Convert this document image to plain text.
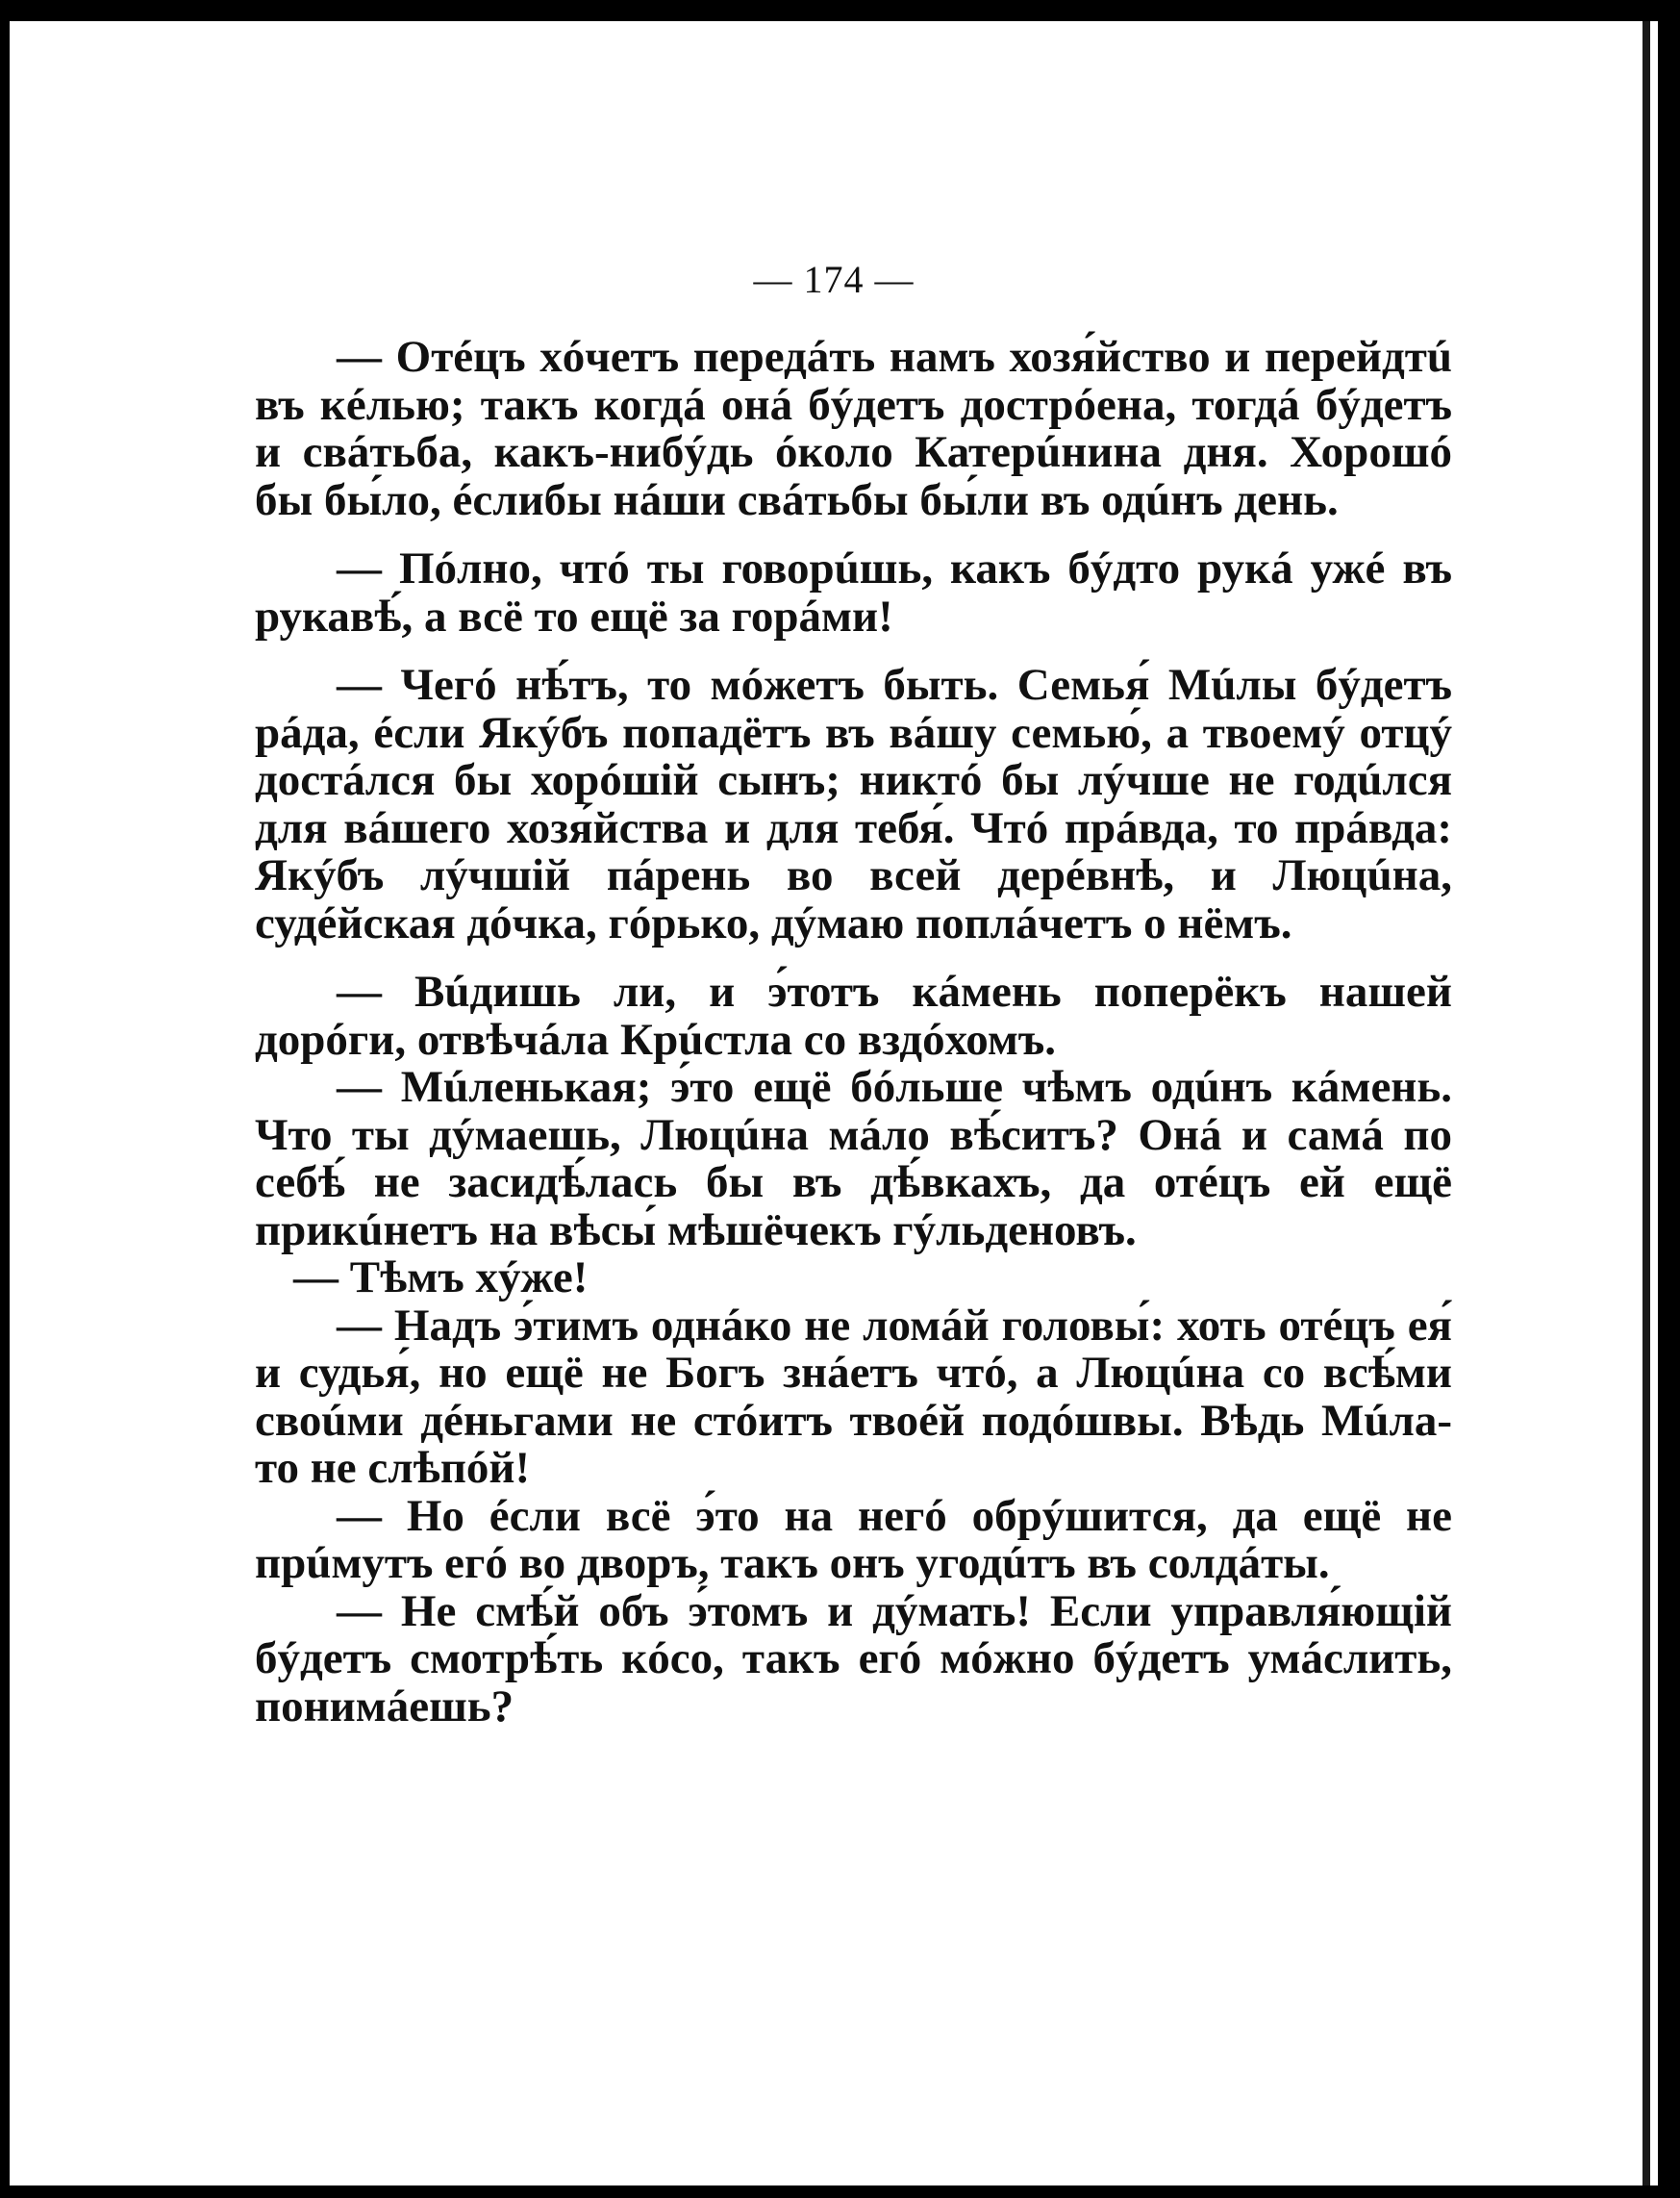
— 174 —

— Отéцъ хóчетъ передáть намъ хозя́йство и перейдтú въ кéлью; такъ когдá онá бýдетъ дострóена, тогдá бýдетъ и свáтьба, какъ-нибýдь óколо Катерúнина дня. Хорошó бы бы́ло, éслибы нáши свáтьбы бы́ли въ одúнъ день.

— Пóлно, чтó ты говорúшь, какъ бýдто рукá ужé въ рукавѣ́, а всё то ещё за горáми!

— Чегó нѣ́тъ, то мóжетъ быть. Семья́ Мúлы бýдетъ рáда, éсли Якýбъ попадётъ въ вáшу семью́, а твоемý отцý достáлся бы хорóшій сынъ; никтó бы лýчше не годúлся для вáшего хозя́йства и для тебя́. Чтó прáвда, то прáвда: Якýбъ лýчшій пáрень во всей дерéвнѣ, и Люцúна, судéйская дóчка, гóрько, дýмаю поплáчетъ о нёмъ.

— Вúдишь ли, и э́тотъ кáмень поперёкъ нашей дорóги, отвѣчáла Крúстла со вздóхомъ.

— Мúленькая; э́то ещё бóльше чѣмъ одúнъ кáмень. Что ты дýмаешь, Люцúна мáло вѣ́ситъ? Онá и самá по себѣ́ не засидѣ́лась бы въ дѣ́вкахъ, да отéцъ ей ещё прикúнетъ на вѣсы́ мѣшёчекъ гýльденовъ.

— Тѣмъ хýже!

— Надъ э́тимъ однáко не ломáй головы́: хоть отéцъ ея́ и судья́, но ещё не Богъ знáетъ чтó, а Люцúна со всѣ́ми своúми дéньгами не стóитъ твоéй подóшвы. Вѣдь Мúла-то не слѣпóй!

— Но éсли всё э́то на негó обрýшится, да ещё не прúмутъ егó во дворъ, такъ онъ угодúтъ въ солдáты.

— Не смѣ́й объ э́томъ и дýмать! Если управля́ющій бýдетъ смотрѣ́ть кóсо, такъ егó мóжно бýдетъ умáслить, понимáешь?
